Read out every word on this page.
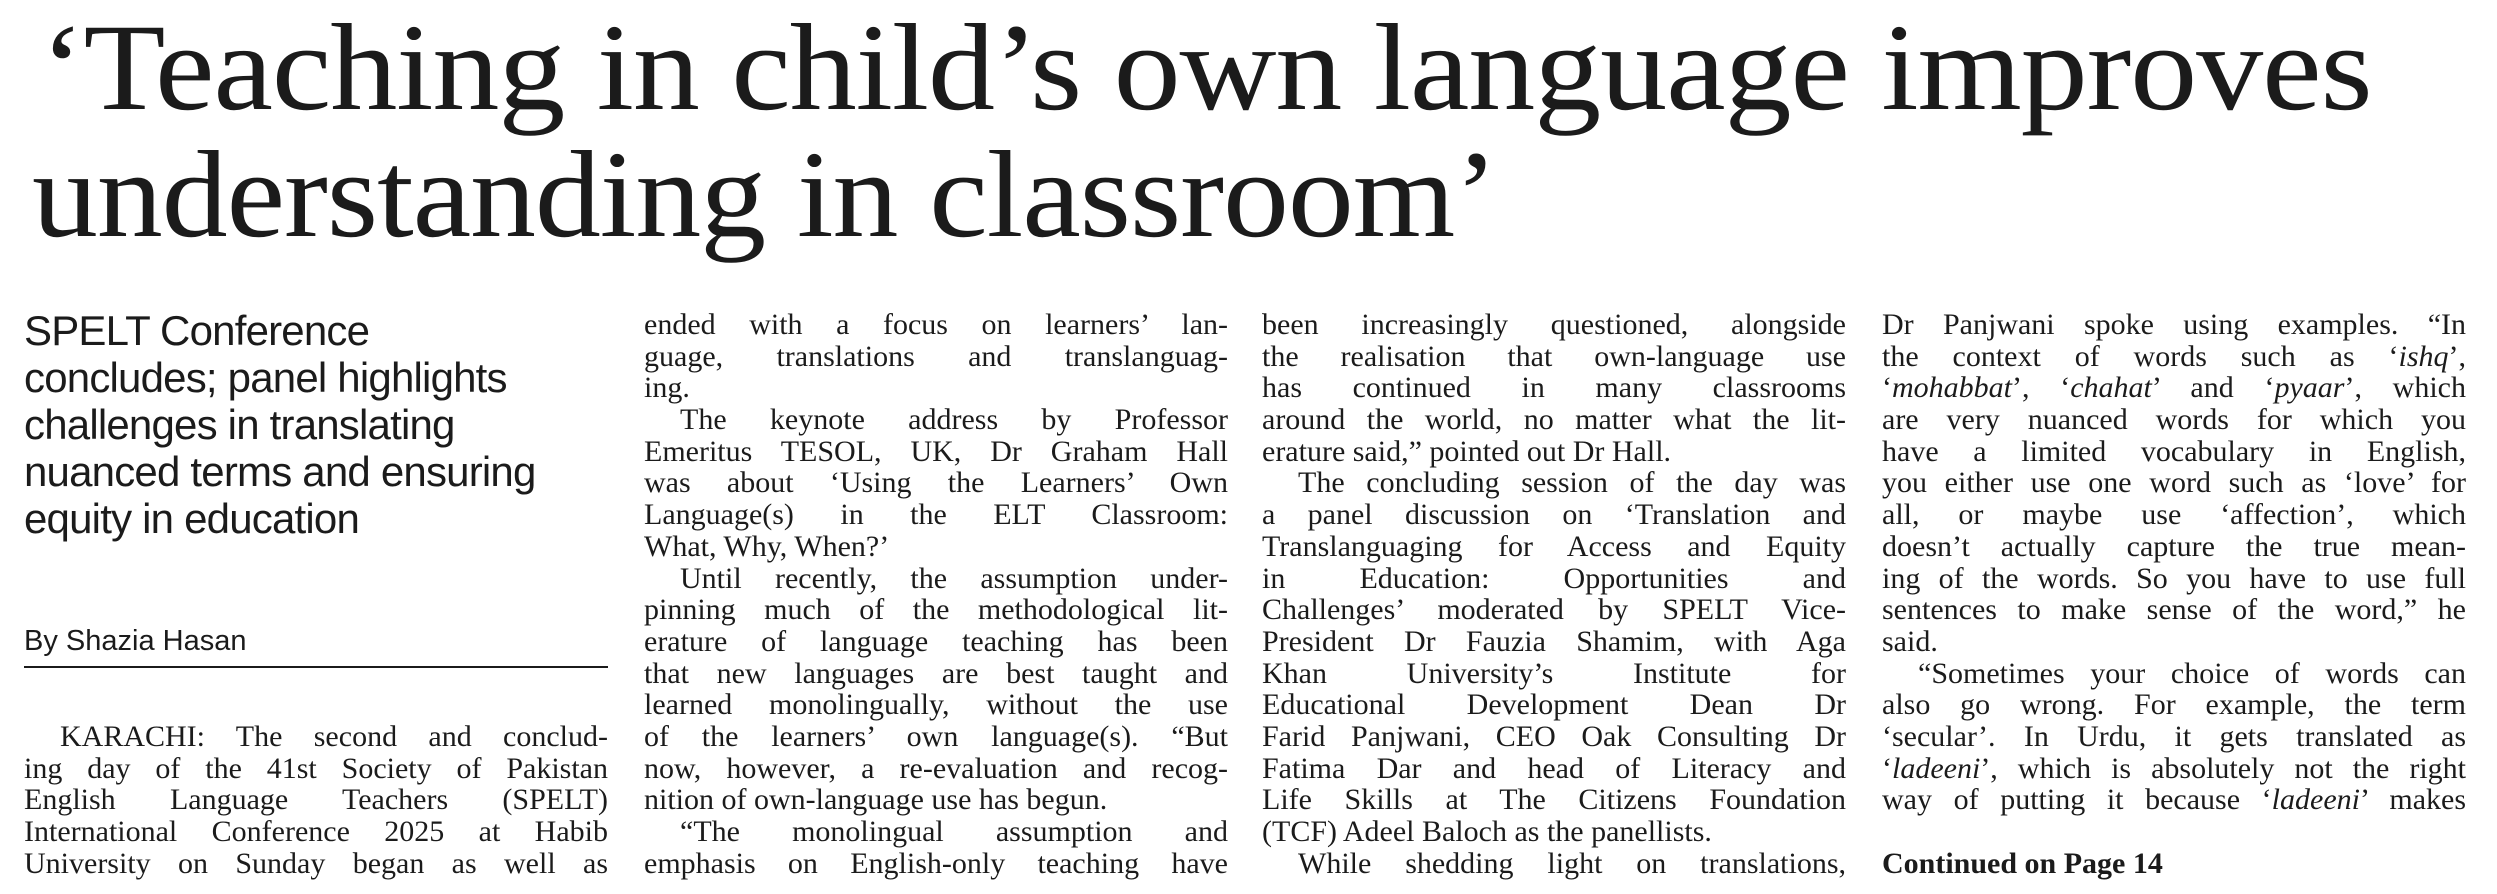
‘Teaching in child’s own language improves
understanding in classroom’
SPELT Conference
concludes; panel highlights
challenges in translating
nuanced terms and ensuring
equity in education
By Shazia Hasan
KARACHI: The second and conclud-
ing day of the 41st Society of Pakistan
English Language Teachers (SPELT)
International Conference 2025 at Habib
University on Sunday began as well as
ended with a focus on learners’ lan-
guage, translations and translanguag-
ing.
The keynote address by Professor
Emeritus TESOL, UK, Dr Graham Hall
was about ‘Using the Learners’ Own
Language(s) in the ELT Classroom:
What, Why, When?’
Until recently, the assumption under-
pinning much of the methodological lit-
erature of language teaching has been
that new languages are best taught and
learned monolingually, without the use
of the learners’ own language(s). “But
now, however, a re-evaluation and recog-
nition of own-language use has begun.
“The monolingual assumption and
emphasis on English-only teaching have
been increasingly questioned, alongside
the realisation that own-language use
has continued in many classrooms
around the world, no matter what the lit-
erature said,” pointed out Dr Hall.
The concluding session of the day was
a panel discussion on ‘Translation and
Translanguaging for Access and Equity
in Education: Opportunities and
Challenges’ moderated by SPELT Vice-
President Dr Fauzia Shamim, with Aga
Khan University’s Institute for
Educational Development Dean Dr
Farid Panjwani, CEO Oak Consulting Dr
Fatima Dar and head of Literacy and
Life Skills at The Citizens Foundation
(TCF) Adeel Baloch as the panellists.
While shedding light on translations,
Dr Panjwani spoke using examples. “In
the context of words such as ‘ishq’,
‘mohabbat’, ‘chahat’ and ‘pyaar’, which
are very nuanced words for which you
have a limited vocabulary in English,
you either use one word such as ‘love’ for
all, or maybe use ‘affection’, which
doesn’t actually capture the true mean-
ing of the words. So you have to use full
sentences to make sense of the word,” he
said.
“Sometimes your choice of words can
also go wrong. For example, the term
‘secular’. In Urdu, it gets translated as
‘ladeeni’, which is absolutely not the right
way of putting it because ‘ladeeni’ makes
Continued on Page 14
